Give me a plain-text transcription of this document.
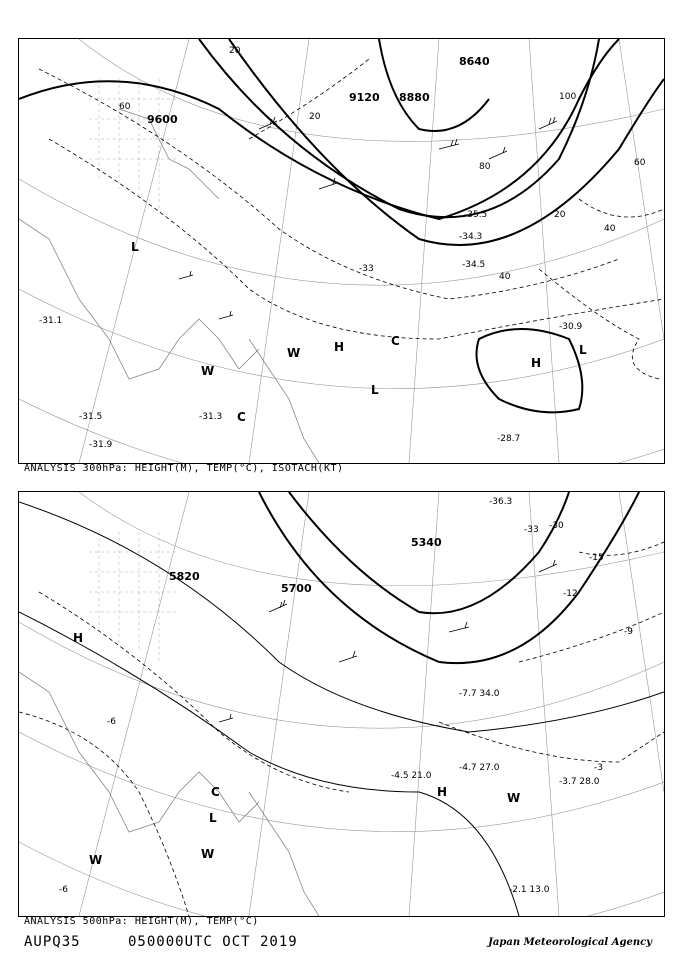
8640
8880
9120
9600
20
20
20
40
40
60
60
80
100
-35.5
-34.3
-34.5
-33
-30.9
-28.7
-31.1
-31.9
-31.3
-31.5
H
H
L
L
L
C
C
W
W
ANALYSIS 300hPa: HEIGHT(M), TEMP(°C), ISOTACH(KT)
5340
5700
5820
-3
-6
-6
-9
-12
-15
-30
-33
-36.3
-4.7 27.0
-4.5 21.0
-3.7 28.0
-2.1 13.0
-7.7 34.0
H
H
L
C	W
W	W
ANALYSIS 500hPa: HEIGHT(M), TEMP(°C)
AUPQ35	050000UTC OCT 2019	Japan Meteorological Agency
